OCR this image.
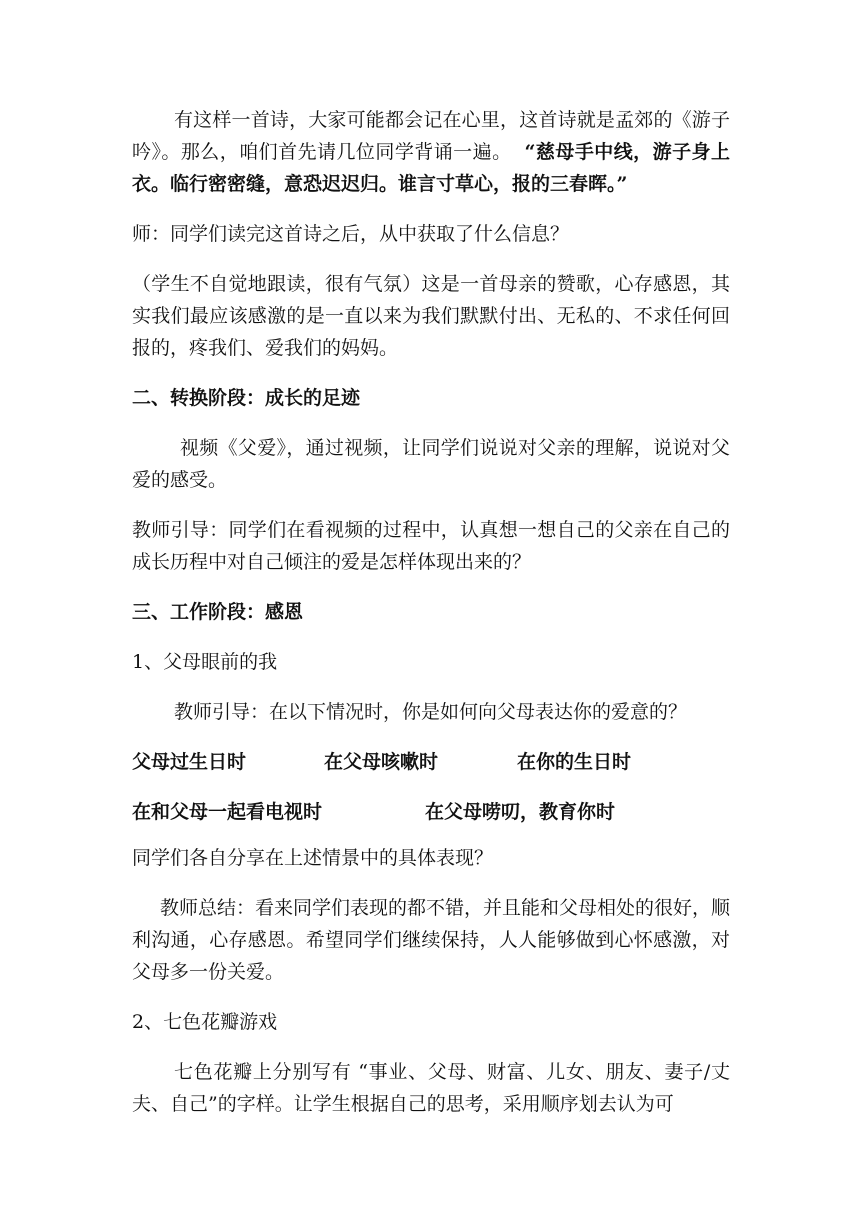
有这样一首诗，大家可能都会记在心里，这首诗就是孟郊的《游子吟》。那么，咱们首先请几位同学背诵一遍。 “慈母手中线，游子身上衣。临行密密缝，意恐迟迟归。谁言寸草心，报的三春晖。”

师：同学们读完这首诗之后，从中获取了什么信息？

（学生不自觉地跟读，很有气氛）这是一首母亲的赞歌，心存感恩，其实我们最应该感激的是一直以来为我们默默付出、无私的、不求任何回报的，疼我们、爱我们的妈妈。

二、转换阶段：成长的足迹

视频《父爱》，通过视频，让同学们说说对父亲的理解，说说对父爱的感受。

教师引导：同学们在看视频的过程中，认真想一想自己的父亲在自己的成长历程中对自己倾注的爱是怎样体现出来的？

三、工作阶段：感恩

1、父母眼前的我

教师引导：在以下情况时，你是如何向父母表达你的爱意的？

父母过生日时	在父母咳嗽时	在你的生日时
在和父母一起看电视时	在父母唠叨，教育你时

同学们各自分享在上述情景中的具体表现？

教师总结：看来同学们表现的都不错，并且能和父母相处的很好，顺利沟通，心存感恩。希望同学们继续保持，人人能够做到心怀感激，对父母多一份关爱。

2、七色花瓣游戏

七色花瓣上分别写有 “事业、父母、财富、儿女、朋友、妻子/丈夫、自己”的字样。让学生根据自己的思考，采用顺序划去认为可
